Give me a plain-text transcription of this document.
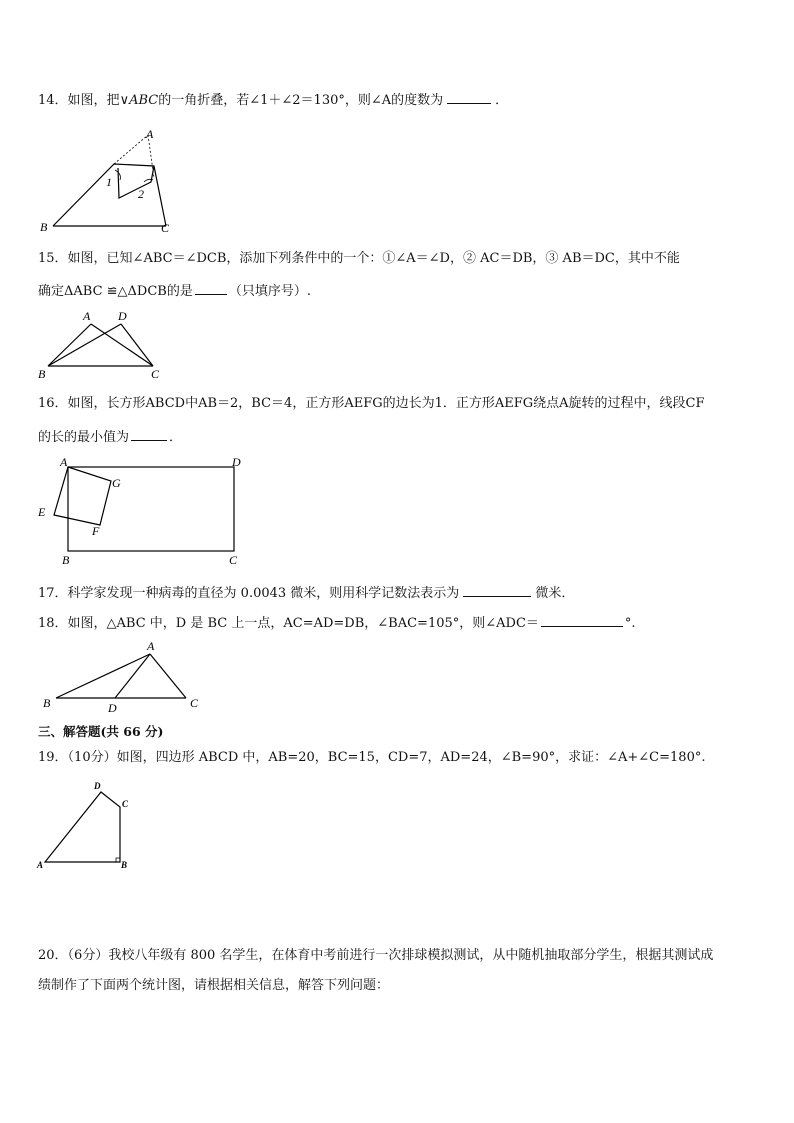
14．如图，把∨ABC的一角折叠，若∠1＋∠2＝130°，则∠A的度数为	．
A
B	C
1
2
15．如图，已知∠ABC＝∠DCB，添加下列条件中的一个：①∠A＝∠D，② AC＝DB，③ AB＝DC，其中不能
确定ΔABC ≌△ΔDCB的是	（只填序号）.
A D
B	C
16．如图，长方形ABCD中AB＝2，BC＝4，正方形AEFG的边长为1．正方形AEFG绕点A旋转的过程中，线段CF
的长的最小值为	．
A	D
G
E
F
B	C
17．科学家发现一种病毒的直径为 0.0043 微米，则用科学记数法表示为	微米．
18．如图，△ABC 中，D 是 BC 上一点，AC=AD=DB，∠BAC=105°，则∠ADC＝	°.
A
B	D	C
三、解答题(共 66 分)
19．（10分）如图，四边形 ABCD 中，AB=20，BC=15，CD=7，AD=24，∠B=90°，求证：∠A+∠C=180°.
D
C
A	B
20．（6分）我校八年级有 800 名学生，在体育中考前进行一次排球模拟测试，从中随机抽取部分学生，根据其测试成
绩制作了下面两个统计图，请根据相关信息，解答下列问题：
